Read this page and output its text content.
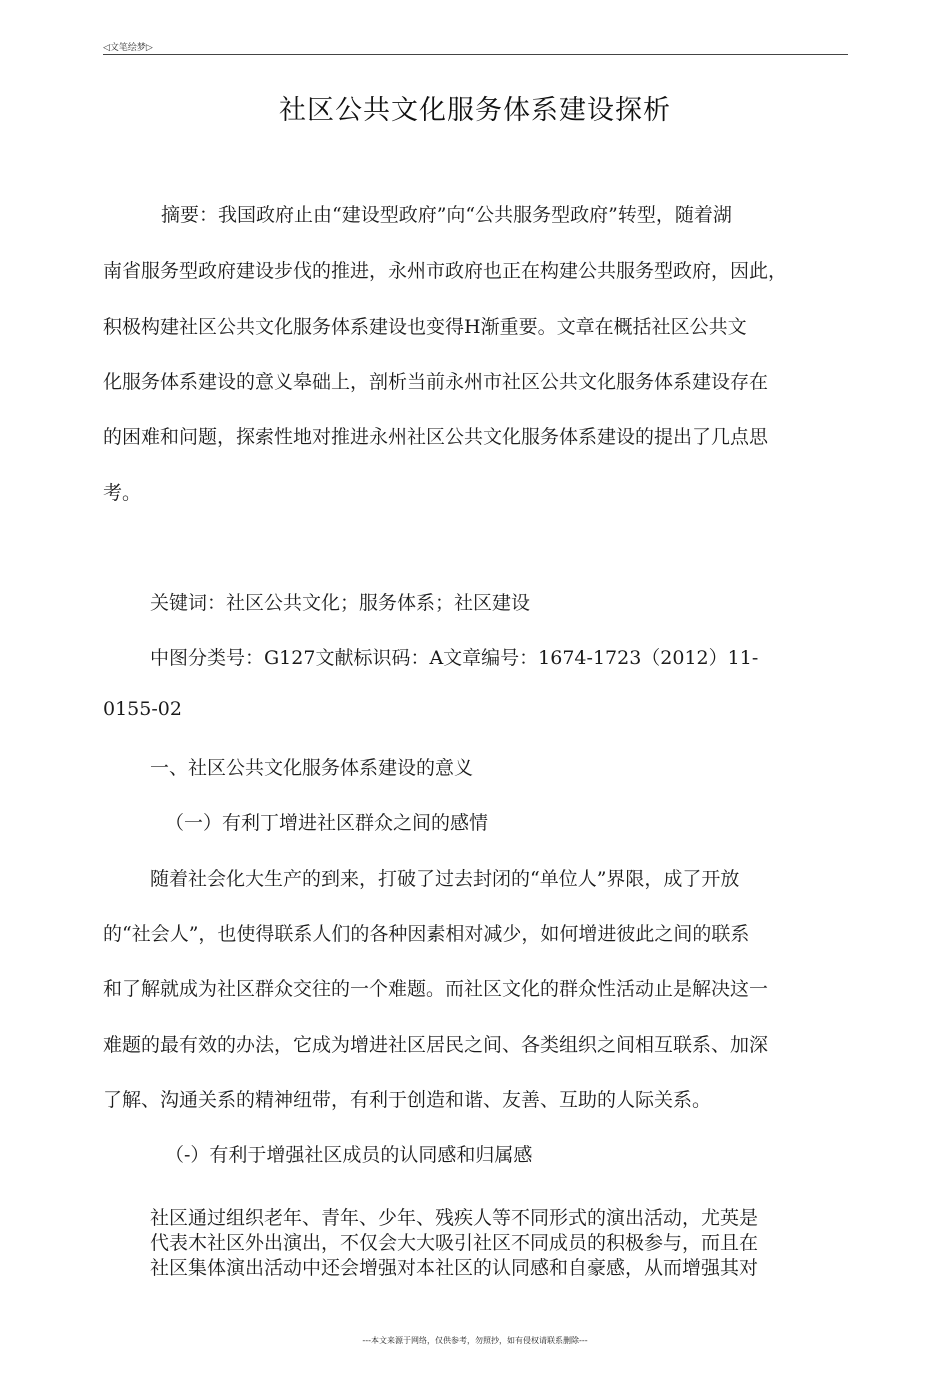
◁文笔绘梦▷
社区公共文化服务体系建设探析
摘要：我国政府止由“建设型政府”向“公共服务型政府”转型，随着湖
南省服务型政府建设步伐的推进，永州市政府也正在构建公共服务型政府，因此，
积极构建社区公共文化服务体系建设也变得H渐重要。文章在概括社区公共文
化服务体系建设的意义皋础上，剖析当前永州市社区公共文化服务体系建设存在
的困难和问题，探索性地对推进永州社区公共文化服务体系建设的提出了几点思
考。
关键词：社区公共文化；服务体系；社区建设
中图分类号：G127文献标识码：A文章编号：1674-1723（2012）11-
0155-02
一、社区公共文化服务体系建设的意义
（一）有利丁增进社区群众之间的感情
随着社会化大生产的到来，打破了过去封闭的“单位人”界限，成了开放
的“社会人”，也使得联系人们的各种因素相对减少，如何增进彼此之间的联系
和了解就成为社区群众交往的一个难题。而社区文化的群众性活动止是解决这一
难题的最有效的办法，它成为增进社区居民之间、各类组织之间相互联系、加深
了解、沟通关系的精神纽带，有利于创造和谐、友善、互助的人际关系。
（-）有利于增强社区成员的认同感和归属感
社区通过组织老年、青年、少年、残疾人等不同形式的演出活动，尤英是
代表木社区外出演出，不仅会大大吸引社区不同成员的积极参与，而且在
社区集体演出活动中还会增强对本社区的认同感和自豪感，从而增强其对
---本文来源于网络，仅供参考，勿照抄，如有侵权请联系删除---
